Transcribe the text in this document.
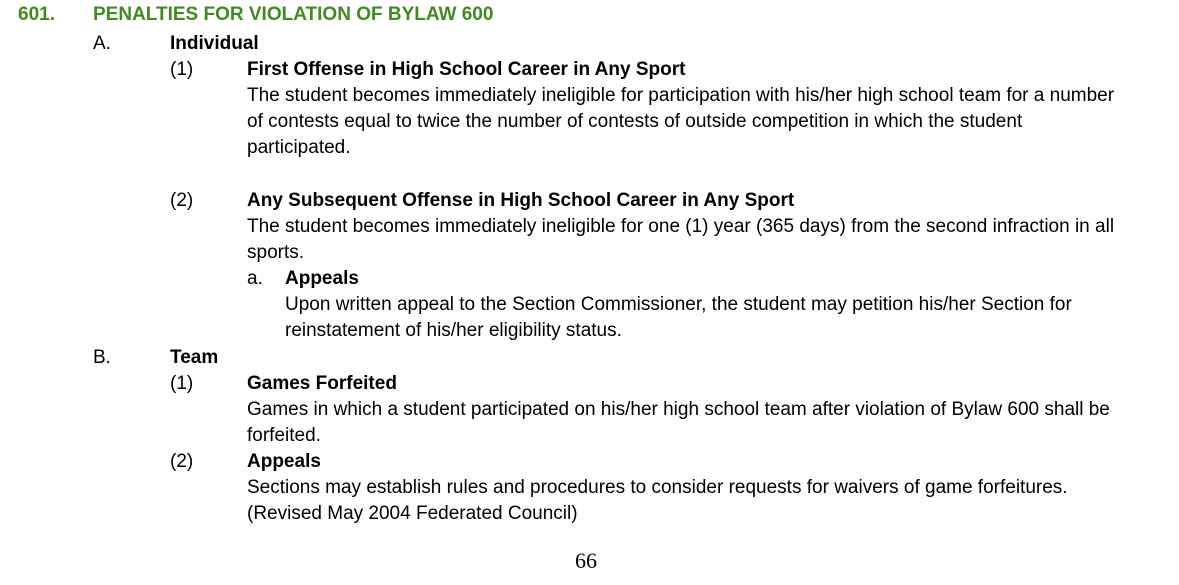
601. PENALTIES FOR VIOLATION OF BYLAW 600
A.	Individual
(1)	First Offense in High School Career in Any Sport
The student becomes immediately ineligible for participation with his/her high school team for a number
of contests equal to twice the number of contests of outside competition in which the student
participated.
(2)	Any Subsequent Offense in High School Career in Any Sport
The student becomes immediately ineligible for one (1) year (365 days) from the second infraction in all
sports.
a. Appeals
Upon written appeal to the Section Commissioner, the student may petition his/her Section for
reinstatement of his/her eligibility status.
B.	Team
(1)	Games Forfeited
Games in which a student participated on his/her high school team after violation of Bylaw 600 shall be
forfeited.
(2)	Appeals
Sections may establish rules and procedures to consider requests for waivers of game forfeitures.
(Revised May 2004 Federated Council)
66
